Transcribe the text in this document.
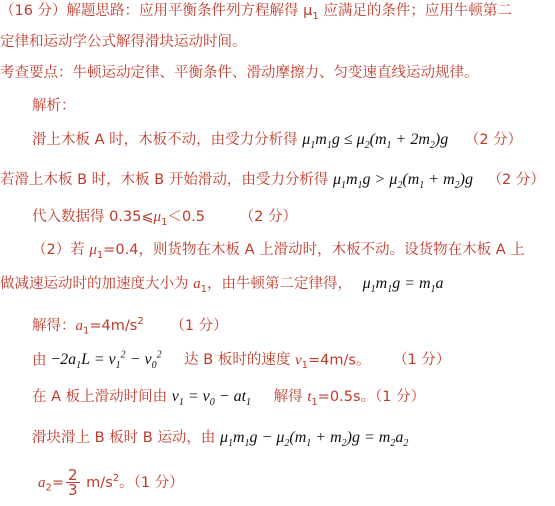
（16 分）解题思路：应用平衡条件列方程解得 $\mu_1$ 应满足的条件；应用牛顿第二
定律和运动学公式解得滑块运动时间。
考查要点：牛顿运动定律、平衡条件、滑动摩擦力、匀变速直线运动规律。
解析：
滑上木板 A 时，木板不动，由受力分析得 $\mu_1m_1g \le \mu_2(m_1 + 2m_2)g$ （2 分）
若滑上木板 B 时，木板 B 开始滑动，由受力分析得 $\mu_1m_1g > \mu_2(m_1 + m_2)g$ （2 分）
代入数据得 $0.35⩽\mu_1<0.5$ （2 分）
（2）若 $\mu_1=0.4$，则货物在木板 A 上滑动时，木板不动。设货物在木板 A 上
做减速运动时的加速度大小为 $a_1$，由牛顿第二定律得， $\mu_1m_1g = m_1a$
解得：$a_1=4m/s^2$ （1 分）
由 $-2a_1L = v_1^2 - v_0^2$ 达 B 板时的速度 $v_1=4m/s$。 （1 分）
在 A 板上滑动时间由 $v_1 = v_0 - at_1$ 解得 $t_1=0.5s$。（1 分）
滑块滑上 B 板时 B 运动，由 $\mu_1m_1g - \mu_2(m_1 + m_2)g = m_2a_2$
$a_2= \frac{2}{3} m/s^2$。（1 分）
